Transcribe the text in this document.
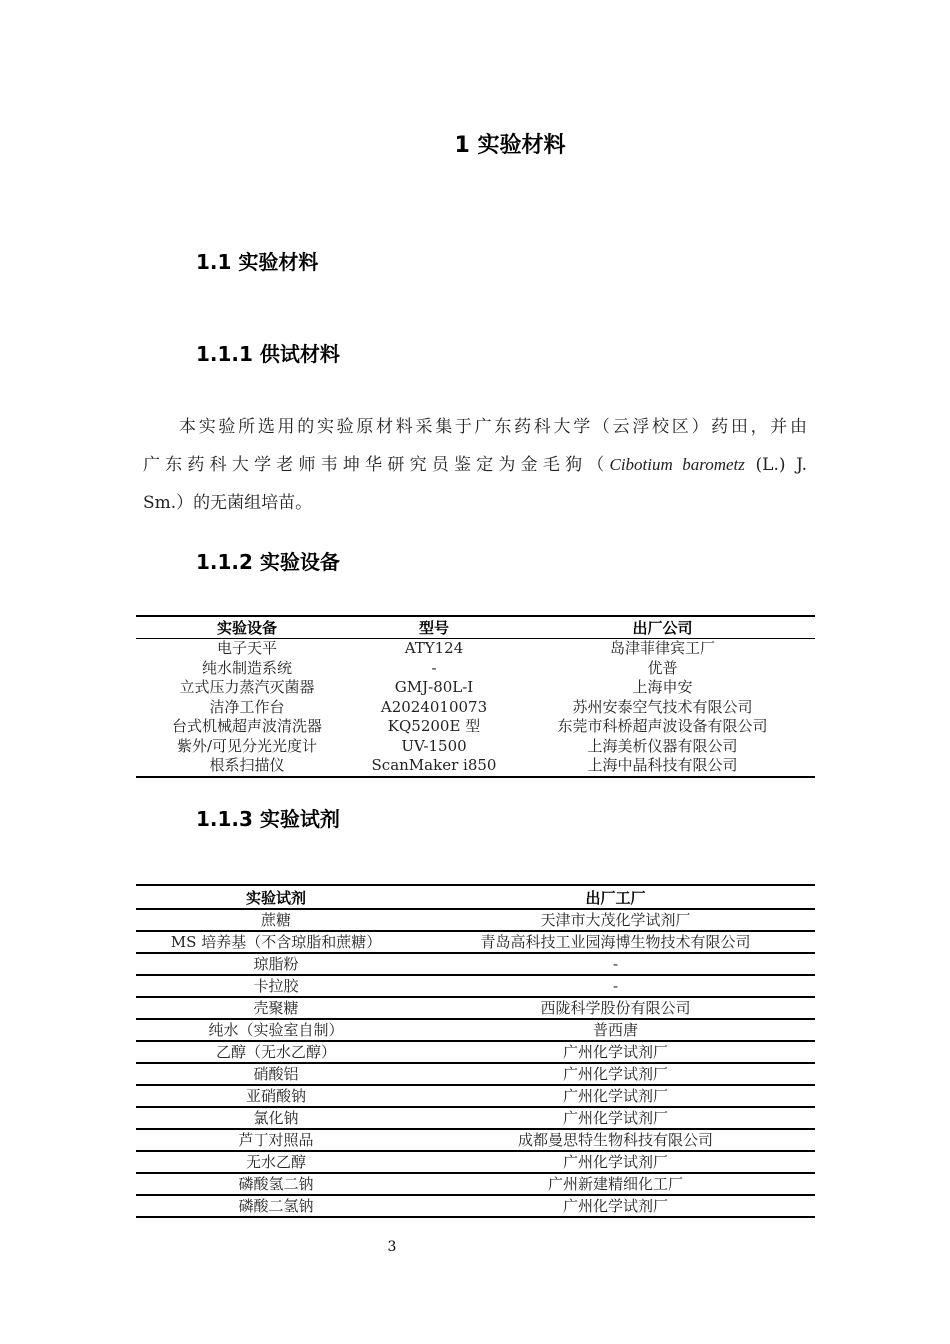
1 实验材料
1.1 实验材料
1.1.1 供试材料

本实验所选用的实验原材料采集于广东药科大学（云浮校区）药田，并由
广东药科大学老师韦坤华研究员鉴定为金毛狗（Cibotium barometz (L.) J.
Sm.）的无菌组培苗。

1.1.2 实验设备
实验设备	型号	出厂公司
电子天平	ATY124	岛津菲律宾工厂
纯水制造系统	-	优普
立式压力蒸汽灭菌器	GMJ-80L-I	上海申安
洁净工作台	A2024010073	苏州安泰空气技术有限公司
台式机械超声波清洗器	KQ5200E 型	东莞市科桥超声波设备有限公司
紫外/可见分光光度计	UV-1500	上海美析仪器有限公司
根系扫描仪	ScanMaker i850	上海中晶科技有限公司
1.1.3 实验试剂
实验试剂	出厂工厂
蔗糖	天津市大茂化学试剂厂
MS 培养基（不含琼脂和蔗糖）	青岛高科技工业园海博生物技术有限公司
琼脂粉	-
卡拉胶	-
壳聚糖	西陇科学股份有限公司
纯水（实验室自制）	普西唐
乙醇（无水乙醇）	广州化学试剂厂
硝酸铝	广州化学试剂厂
亚硝酸钠	广州化学试剂厂
氯化钠	广州化学试剂厂
芦丁对照品	成都曼思特生物科技有限公司
无水乙醇	广州化学试剂厂
磷酸氢二钠	广州新建精细化工厂
磷酸二氢钠	广州化学试剂厂
3
